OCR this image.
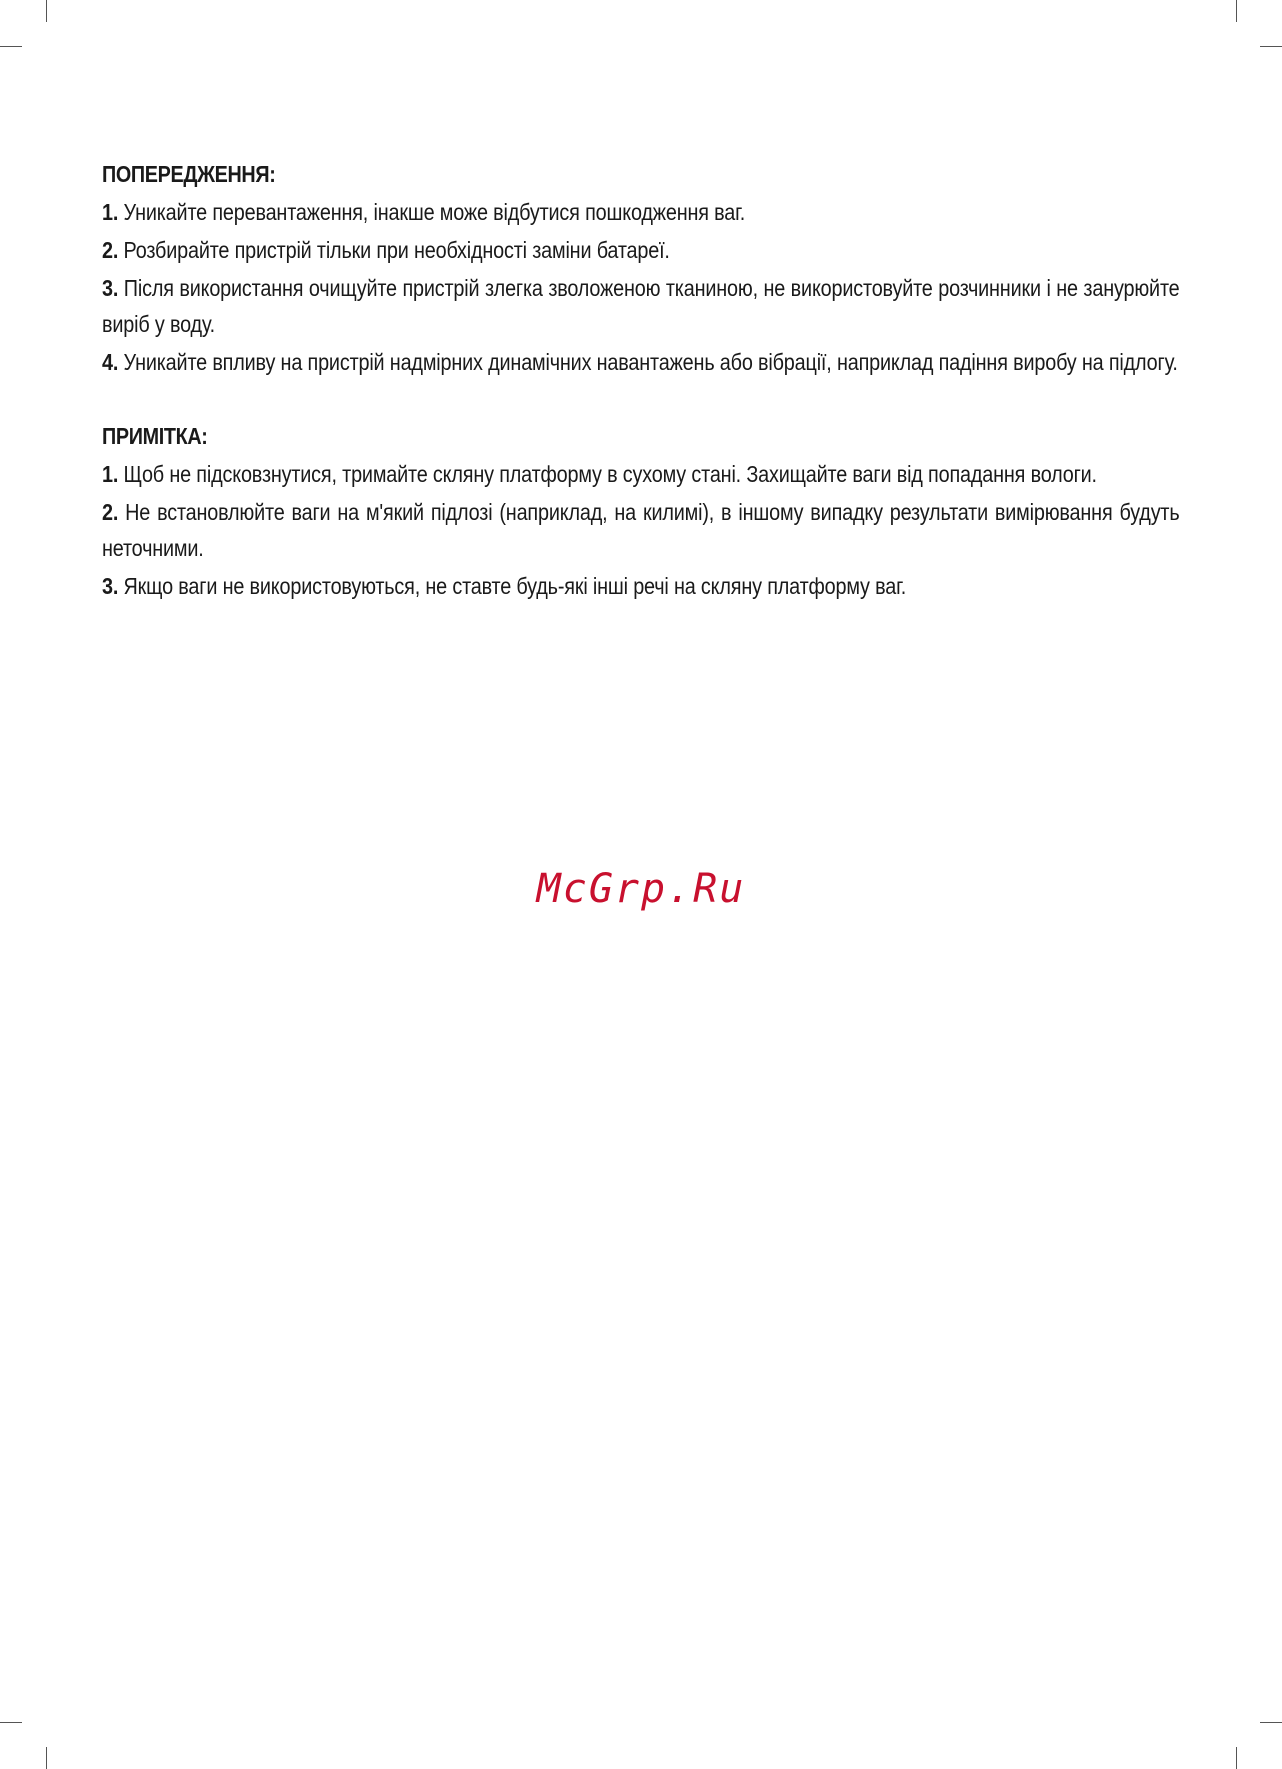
ПОПЕРЕДЖЕННЯ:

1. Уникайте перевантаження, інакше може відбутися пошкодження ваг.

2. Розбирайте пристрій тільки при необхідності заміни батареї.

3. Після використання очищуйте пристрій злегка зволоженою тканиною, не використовуйте розчинники і не занурюйте виріб у воду.

4. Уникайте впливу на пристрій надмірних динамічних навантажень або вібрації, наприклад падіння виробу на підлогу.

ПРИМІТКА:

1. Щоб не підсковзнутися, тримайте скляну платформу в сухому стані. Захищайте ваги від попадання вологи.

2. Не встановлюйте ваги на м'який підлозі (наприклад, на килимі), в іншому випадку результати вимірювання будуть неточними.

3. Якщо ваги не використовуються, не ставте будь-які інші речі на скляну платформу ваг.

McGrp.Ru
